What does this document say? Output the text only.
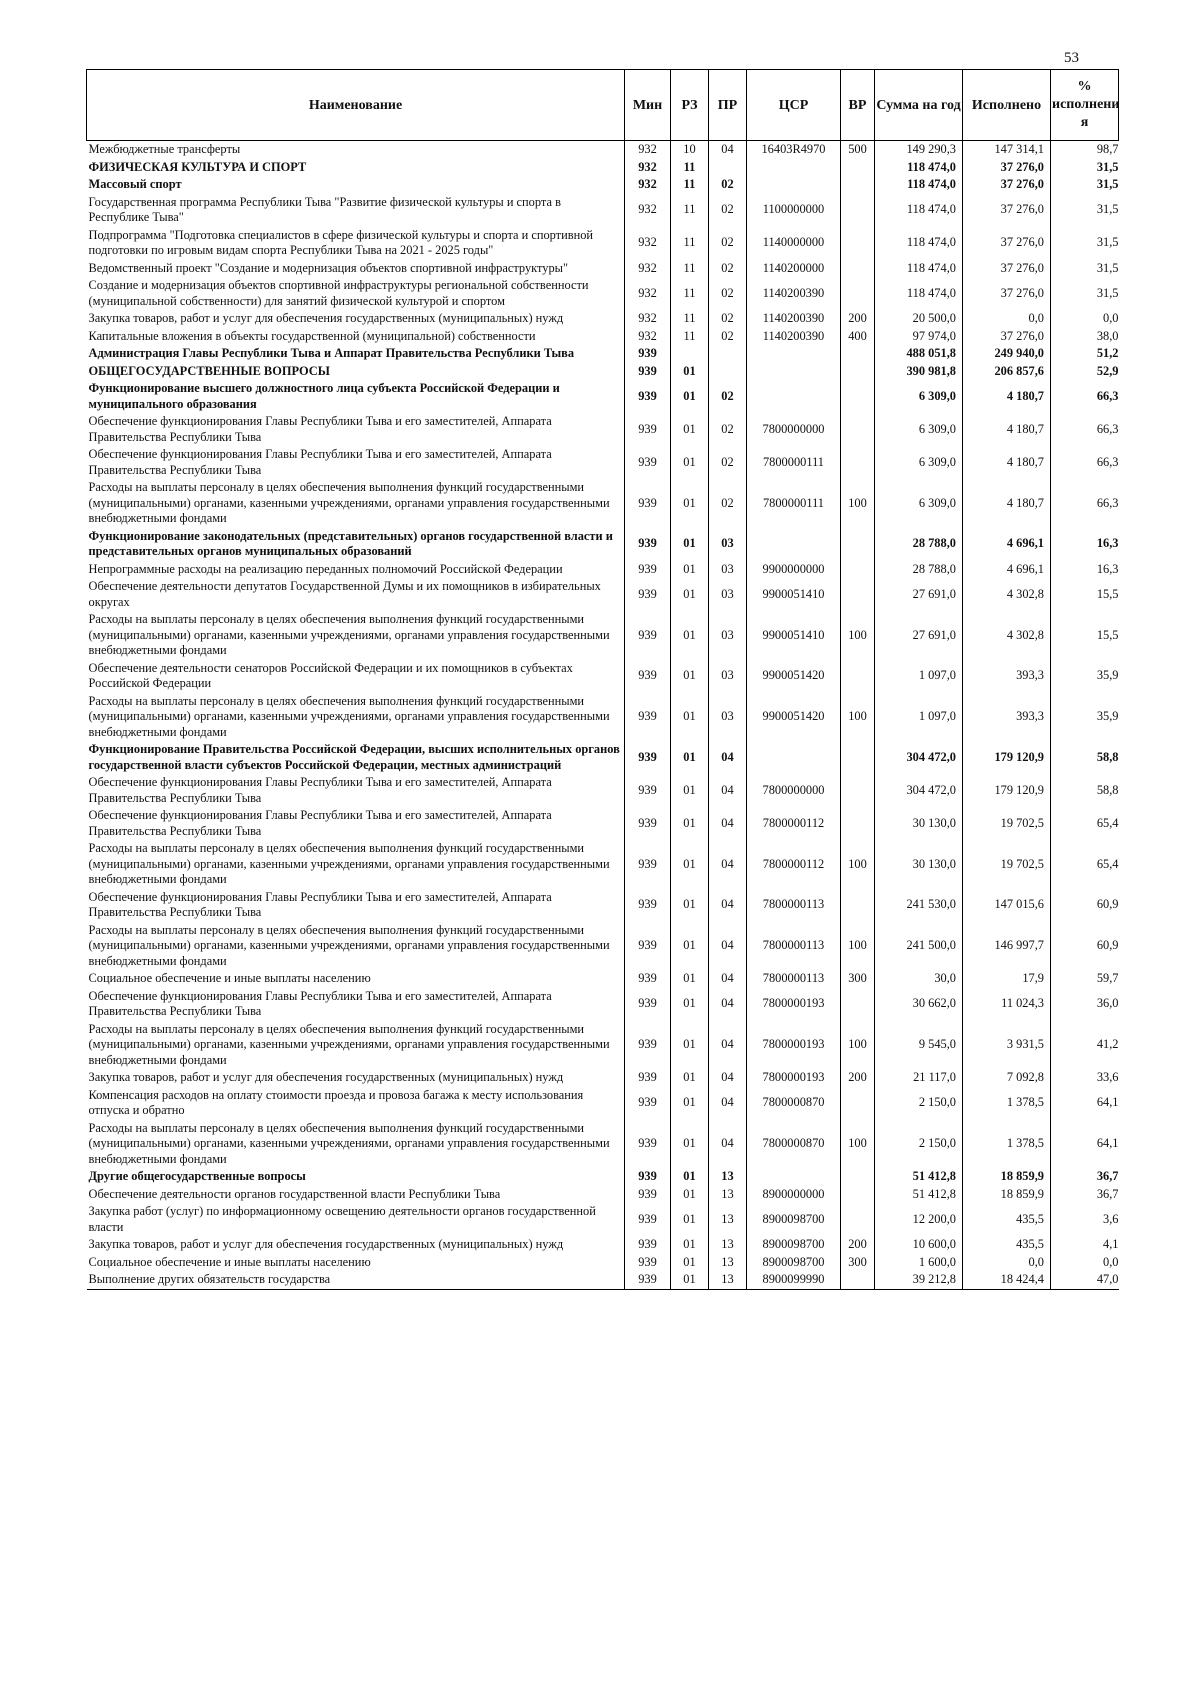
53
Наименование	Мин	РЗ	ПР	ЦСР	ВР	Сумма на год	Исполнено	%
исполнени
я
Межбюджетные трансферты	932	10	04	16403R4970	500	149 290,3	147 314,1	98,7
ФИЗИЧЕСКАЯ КУЛЬТУРА И СПОРТ	932	11				118 474,0	37 276,0	31,5
Массовый спорт	932	11	02			118 474,0	37 276,0	31,5
Государственная программа Республики Тыва "Развитие физической культуры и спорта в Республике Тыва"	932	11	02	1100000000		118 474,0	37 276,0	31,5
Подпрограмма "Подготовка специалистов в сфере физической культуры и спорта и спортивной подготовки по игровым видам спорта Республики Тыва на 2021 - 2025 годы"	932	11	02	1140000000		118 474,0	37 276,0	31,5
Ведомственный проект "Создание и модернизация объектов спортивной инфраструктуры"	932	11	02	1140200000		118 474,0	37 276,0	31,5
Создание и модернизация объектов спортивной инфраструктуры региональной собственности (муниципальной собственности) для занятий физической культурой и спортом	932	11	02	1140200390		118 474,0	37 276,0	31,5
Закупка товаров, работ и услуг для обеспечения государственных (муниципальных) нужд	932	11	02	1140200390	200	20 500,0	0,0	0,0
Капитальные вложения в объекты государственной (муниципальной) собственности	932	11	02	1140200390	400	97 974,0	37 276,0	38,0
Администрация Главы Республики Тыва и Аппарат Правительства Республики Тыва	939					488 051,8	249 940,0	51,2
ОБЩЕГОСУДАРСТВЕННЫЕ ВОПРОСЫ	939	01				390 981,8	206 857,6	52,9
Функционирование высшего должностного лица субъекта Российской Федерации и муниципального образования	939	01	02			6 309,0	4 180,7	66,3
Обеспечение функционирования Главы Республики Тыва и его заместителей, Аппарата Правительства Республики Тыва	939	01	02	7800000000		6 309,0	4 180,7	66,3
Обеспечение функционирования Главы Республики Тыва и его заместителей, Аппарата Правительства Республики Тыва	939	01	02	7800000111		6 309,0	4 180,7	66,3
Расходы на выплаты персоналу в целях обеспечения выполнения функций государственными (муниципальными) органами, казенными учреждениями, органами управления государственными внебюджетными фондами	939	01	02	7800000111	100	6 309,0	4 180,7	66,3
Функционирование законодательных (представительных) органов государственной власти и представительных органов муниципальных образований	939	01	03			28 788,0	4 696,1	16,3
Непрограммные расходы на реализацию переданных полномочий Российской Федерации	939	01	03	9900000000		28 788,0	4 696,1	16,3
Обеспечение деятельности депутатов Государственной Думы и их помощников в избирательных округах	939	01	03	9900051410		27 691,0	4 302,8	15,5
Расходы на выплаты персоналу в целях обеспечения выполнения функций государственными (муниципальными) органами, казенными учреждениями, органами управления государственными внебюджетными фондами	939	01	03	9900051410	100	27 691,0	4 302,8	15,5
Обеспечение деятельности сенаторов Российской Федерации и их помощников в субъектах Российской Федерации	939	01	03	9900051420		1 097,0	393,3	35,9
Расходы на выплаты персоналу в целях обеспечения выполнения функций государственными (муниципальными) органами, казенными учреждениями, органами управления государственными внебюджетными фондами	939	01	03	9900051420	100	1 097,0	393,3	35,9
Функционирование Правительства Российской Федерации, высших исполнительных органов государственной власти субъектов Российской Федерации, местных администраций	939	01	04			304 472,0	179 120,9	58,8
Обеспечение функционирования Главы Республики Тыва и его заместителей, Аппарата Правительства Республики Тыва	939	01	04	7800000000		304 472,0	179 120,9	58,8
Обеспечение функционирования Главы Республики Тыва и его заместителей, Аппарата Правительства Республики Тыва	939	01	04	7800000112		30 130,0	19 702,5	65,4
Расходы на выплаты персоналу в целях обеспечения выполнения функций государственными (муниципальными) органами, казенными учреждениями, органами управления государственными внебюджетными фондами	939	01	04	7800000112	100	30 130,0	19 702,5	65,4
Обеспечение функционирования Главы Республики Тыва и его заместителей, Аппарата Правительства Республики Тыва	939	01	04	7800000113		241 530,0	147 015,6	60,9
Расходы на выплаты персоналу в целях обеспечения выполнения функций государственными (муниципальными) органами, казенными учреждениями, органами управления государственными внебюджетными фондами	939	01	04	7800000113	100	241 500,0	146 997,7	60,9
Социальное обеспечение и иные выплаты населению	939	01	04	7800000113	300	30,0	17,9	59,7
Обеспечение функционирования Главы Республики Тыва и его заместителей, Аппарата Правительства Республики Тыва	939	01	04	7800000193		30 662,0	11 024,3	36,0
Расходы на выплаты персоналу в целях обеспечения выполнения функций государственными (муниципальными) органами, казенными учреждениями, органами управления государственными внебюджетными фондами	939	01	04	7800000193	100	9 545,0	3 931,5	41,2
Закупка товаров, работ и услуг для обеспечения государственных (муниципальных) нужд	939	01	04	7800000193	200	21 117,0	7 092,8	33,6
Компенсация расходов на оплату стоимости проезда и провоза багажа к месту использования отпуска и обратно	939	01	04	7800000870		2 150,0	1 378,5	64,1
Расходы на выплаты персоналу в целях обеспечения выполнения функций государственными (муниципальными) органами, казенными учреждениями, органами управления государственными внебюджетными фондами	939	01	04	7800000870	100	2 150,0	1 378,5	64,1
Другие общегосударственные вопросы	939	01	13			51 412,8	18 859,9	36,7
Обеспечение деятельности органов государственной власти Республики Тыва	939	01	13	8900000000		51 412,8	18 859,9	36,7
Закупка работ (услуг) по информационному освещению деятельности органов государственной власти	939	01	13	8900098700		12 200,0	435,5	3,6
Закупка товаров, работ и услуг для обеспечения государственных (муниципальных) нужд	939	01	13	8900098700	200	10 600,0	435,5	4,1
Социальное обеспечение и иные выплаты населению	939	01	13	8900098700	300	1 600,0	0,0	0,0
Выполнение других обязательств государства	939	01	13	8900099990		39 212,8	18 424,4	47,0
